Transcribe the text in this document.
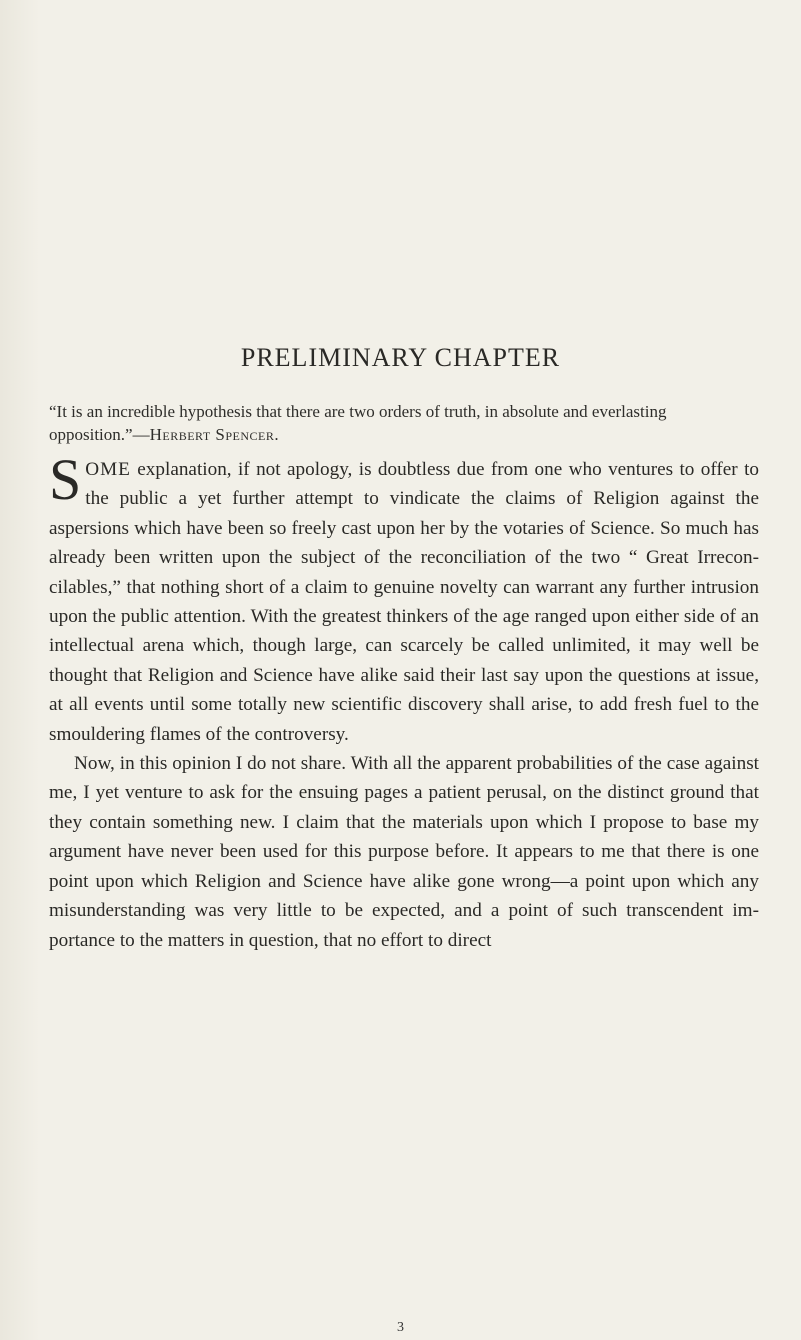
PRELIMINARY CHAPTER
“It is an incredible hypothesis that there are two orders of truth, in absolute and everlasting opposition.”—Herbert Spencer.

SOME explanation, if not apology, is doubtless due from one who ventures to offer to the public a yet further attempt to vindicate the claims of Religion against the aspersions which have been so freely cast upon her by the votaries of Science. So much has already been written upon the subject of the reconciliation of the two “ Great Irreconcilables,” that nothing short of a claim to genuine novelty can warrant any further intrusion upon the public attention. With the greatest thinkers of the age ranged upon either side of an intellectual arena which, though large, can scarcely be called unlimited, it may well be thought that Religion and Science have alike said their last say upon the questions at issue, at all events until some totally new scientific discovery shall arise, to add fresh fuel to the smouldering flames of the controversy.

Now, in this opinion I do not share. With all the apparent probabilities of the case against me, I yet venture to ask for the ensuing pages a patient perusal, on the distinct ground that they contain something new. I claim that the materials upon which I propose to base my argument have never been used for this purpose before. It appears to me that there is one point upon which Religion and Science have alike gone wrong—a point upon which any misunderstanding was very little to be expected, and a point of such transcendent importance to the matters in question, that no effort to direct

3
